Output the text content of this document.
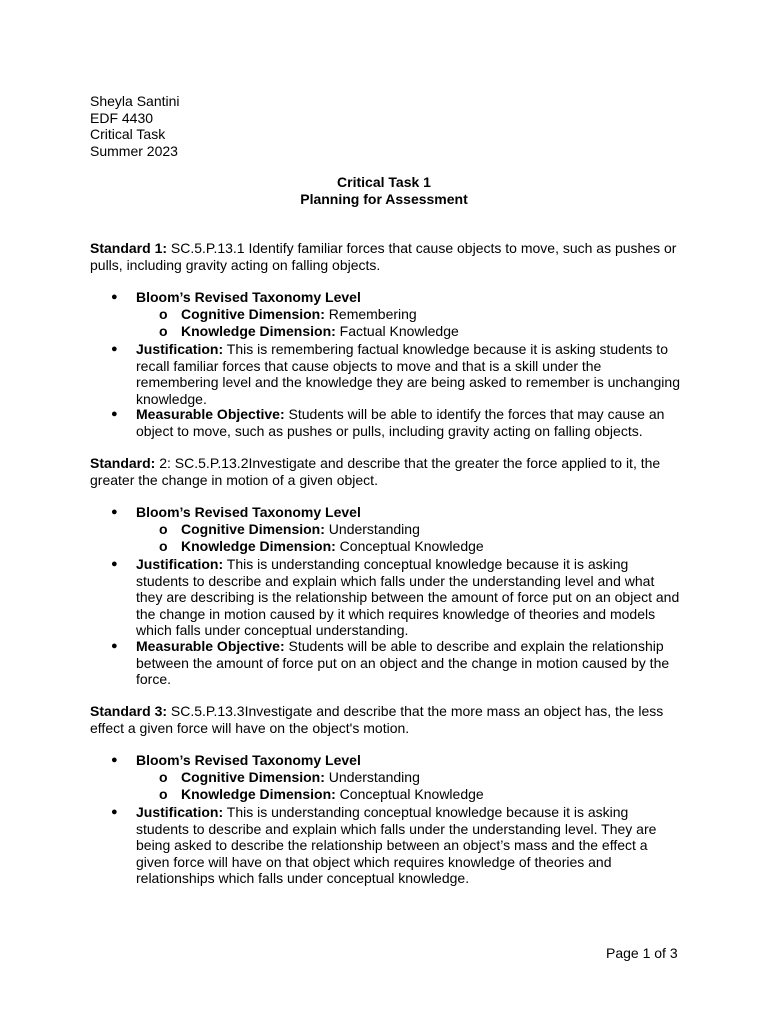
Sheyla Santini
EDF 4430
Critical Task
Summer 2023
Critical Task 1
Planning for Assessment
Standard 1: SC.5.P.13.1 Identify familiar forces that cause objects to move, such as pushes or pulls, including gravity acting on falling objects.
● Bloom’s Revised Taxonomy Level
o Cognitive Dimension: Remembering
o Knowledge Dimension: Factual Knowledge
● Justification: This is remembering factual knowledge because it is asking students to recall familiar forces that cause objects to move and that is a skill under the remembering level and the knowledge they are being asked to remember is unchanging knowledge.
● Measurable Objective: Students will be able to identify the forces that may cause an object to move, such as pushes or pulls, including gravity acting on falling objects.
Standard: 2: SC.5.P.13.2Investigate and describe that the greater the force applied to it, the greater the change in motion of a given object.
● Bloom’s Revised Taxonomy Level
o Cognitive Dimension: Understanding
o Knowledge Dimension: Conceptual Knowledge
● Justification: This is understanding conceptual knowledge because it is asking students to describe and explain which falls under the understanding level and what they are describing is the relationship between the amount of force put on an object and the change in motion caused by it which requires knowledge of theories and models which falls under conceptual understanding.
● Measurable Objective: Students will be able to describe and explain the relationship between the amount of force put on an object and the change in motion caused by the force.
Standard 3: SC.5.P.13.3Investigate and describe that the more mass an object has, the less effect a given force will have on the object's motion.
● Bloom’s Revised Taxonomy Level
o Cognitive Dimension: Understanding
o Knowledge Dimension: Conceptual Knowledge
● Justification: This is understanding conceptual knowledge because it is asking students to describe and explain which falls under the understanding level. They are being asked to describe the relationship between an object’s mass and the effect a given force will have on that object which requires knowledge of theories and relationships which falls under conceptual knowledge.
Page 1 of 3
